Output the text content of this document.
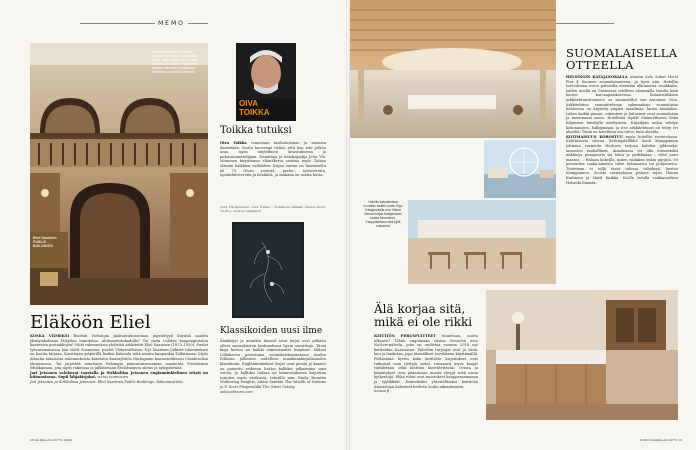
MEMO
Kansallisteatterissa Pohjolan toimitalossa paljaat palkaistuvat pilarit. Tilaa suomea Hotel Camp Finland. Ulkoseinien varsinainen koristelu tarkoittaa kirjakaupan Taideteos ja sisätilat kuihtuvat.
Eliel Saarinen PUBLIC BUILDINGS
Eläköön Eliel
KOSKA VIIMEKSI Ruotsin Helsingin päärautatieaseman jugendtyyli käyntiä saaden yksityiskohtaan Pohjolan toimitaloa. Aleksanterinkadulla? Tai vasta Lahden kaupungintalon kaarevien portaikkojen? Niitä rakennuksia yhdistää arkkitehti Eliel Saarinen (1873–1950). Puolet tyhvarsinaisessa hän vietti Suomessa, puolet Yhdysvalloissa. Nyt Saarisen julkiset rakennukset on koottu kirjaan. Kuvittajan ympärillä lisäksi Kalevala sekä muuta kaupunkia Tallinnassa. Myös Atlantin takaisista rakennuksista kaavioita Kaavayhtiön Michiganin kansainvälisesti Cranbrookin yliopistossa. Tai järjestää muuttaen Helsingin päärautatieaseman maakunta Presidentin eduskunnan, jota myös rakentaa ja julkistetaan Eteläsuomen oletus ja nykypäivänä.
Jari Jetsonen valokuvat taustalla ja Sirkkaliisa Jetsonen englanninkielinen teksti on kiinnostavaa. Sopii lahjakirjaksi. MARIA KORHONEN
Jari Jetsonen ja Sirkkaliisa Jetsonen: Eliel Saarinen Public Buildings. Rakennustieto.
OIVA
TOIKKA
Toikka tutuksi
Oiva Toikka tunnetaan lasilintuistaan ja monista ilmeistään. Mutta harvempi tietää, että hän teki pitkän uran myös näytelmien lavastuksessa ja pukusuunnittelijana. Toimittaja ja tietokirjailija Jetta Ylä-Mononen kirjoittama elämäkerta saattaa myös Toikan elämän kaikkien vaiheiden. Kirjaa varten on haastateltu yli 70 Oivan ystävää, perhe-, työtovereita, opiskelutovereita ja henkilöä, ja mukana on useita kuvia.
Jutta Ylä-Mononen: Oiva Toikka – Todellisen elämäni (Otava 2020). 39,95 e. artebeyondfamly.fi
Klassikoiden uusi ilme
Äänikirjat ja muutkin huonot sivut kirjat ovat pitkään olleet suomalaisten keskuudessa hyvin suosittuja. Tämä kirja kertoo ne kaikki viimeisimmät lisäykset. Mikael Lilliukseen perustama suomalaiskustantamo Aarlon Editions julkaisee uudelleen maailmankirjallisuuden klassikoita. Englanninkieliset kirjat ovat pieniä ja kannet on painettu erikseen lisäksi kalliiksi julkaisuina uusi versio, ja kalliiksi haluaa ne kiinnostukseen kirjoittaa tarjoten myös värikuvia, tekstillä mm. Emily Brontën Wuthering Heights, Adam Smithin The Wealth of Nations ja F. Scott Fitzgeraldin The Great Gatsby.
aalsoeditions.com
18 SALMELLAN KATTU 4/2020
SUOMALAISELLA
OTTEELLA
HELSINGIN KATAJANOKALLA avautui Solo Sokos Hotel Pier 4 Suomen suomalaisuuteen, ja hyvä niin. Hotellin tarvoittama ovien puhuvilla eteenkin ulkomaisia asiakkaita, joiden miellä on Suomessa edelleen alemmalla tasolla kuin meren korvaapaiskereissa. Kumariväliksen arkkitehtuuritoimisto on suunnitellut sen Antoinen Ovia. Arkkitehtien suunnittelemia rakennuksia suomalaisia kohteessa on käytetty ympäri maailmaa, kuten tämänkin. Lähes kaikki pinnat, rakenteet ja kalusteet ovat suomalaisia ja menemmin asiaa. Hotellista löydät Säännölliseen Sekä hiljaiseen kävelylle mieltyneen. Kirjailijan aulan tehdyn kokonaiseen, halkipinnan, ja itse arkkitehtuuri on tehty eri alueilta. Tämä on hotellissa osa tulee, kuin alueilta.
KOTIMAISUUS KOROSTUU myös hotellin ravintolassa. Katutasossa olevan, keittiöpäällikkö Sauli Kemppainen johtama ravintola Harborn tarjoaa kahden gildeaska-annosten rauhallinen. Annoksissa voi olla esimerkiksi mikkaeja punajuurta tai lohta ja porkkanaa – vähä juuri maassa. – Haluan kokeilla, miten viidakon onkin pärjätä. 80 prosenttia raaka-aineista tulee kotimaasta tai pohjoisesta. Tuotetaan ei tullä tässä tulossa väheksyä, kertoo Kemppainen. Suosta ravintolassa pääsee myös Hanna Kuittinen ja Matti Kuikka. Soolla tavalla vaikkamatkan Helsinki-ilmasta.
Hotellin katuaineissa muutettu sisältö, kuten Sign Katajanokalla mm. Nämä hieman kirjaa Katajanokan kuulta Seventeen. Kauppakeskus sisä kyllä maisemia
Älä korjaa sitä,
mikä ei ole rikki
KEITTIÖN PERUSPUITTEET tunnetaan, mutta ulkoasu? Tähän ongelmaan vastaa Novartin asut NoNew-palvelu, joka on uudistaa vuonna 2018 nyt keittiöihin Kaasuasan. Palvelun tarjoajat ovat jo siinä, kun ja laadukas, jopa täsmälliset tarvikkeen käyttämällä. Pelkästään hyviin koko keittiöön kirjoitukset ovat ratkaisut vain tiettyjä sadat, runsaasti myös kaapit vaihdetaan sekä keittiön kierrätettävää. Ovissa ja kiinnitykset ovat pääasiassa muuta sävyjä sekä uusia kytkentöjä. Ehkä tuhat ovat muutokset kaupparaamnaan ja tyylikkäät. Esimerkiksi yhteisölliseksi keittiöön Ainoastaan kalusteet keittiön kodin aikoutumista.
nonew.fi
4/2020 SALMELLAN KATTU 19
